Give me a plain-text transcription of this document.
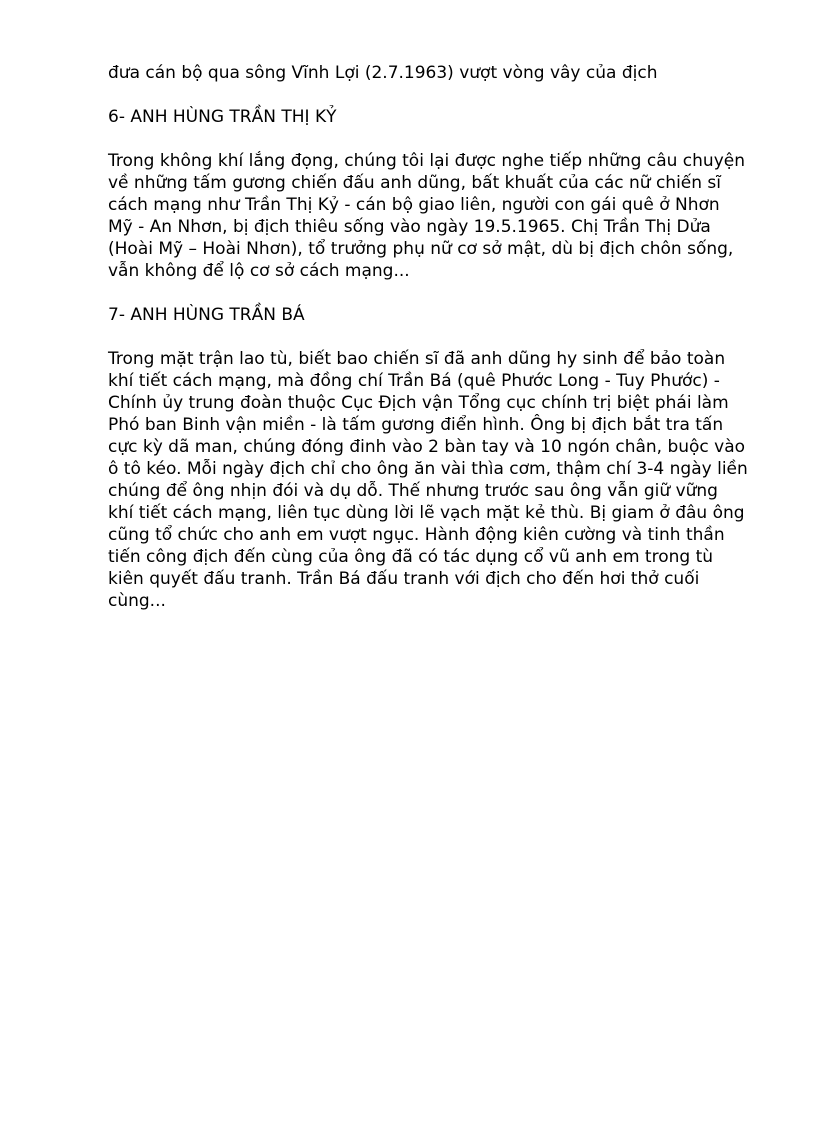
đưa cán bộ qua sông Vĩnh Lợi (2.7.1963) vượt vòng vây của địch

6- ANH HÙNG TRẦN THỊ KỶ

Trong không khí lắng đọng, chúng tôi lại được nghe tiếp những câu chuyện
về những tấm gương chiến đấu anh dũng, bất khuất của các nữ chiến sĩ
cách mạng như Trần Thị Kỷ - cán bộ giao liên, người con gái quê ở Nhơn
Mỹ - An Nhơn, bị địch thiêu sống vào ngày 19.5.1965. Chị Trần Thị Dửa
(Hoài Mỹ – Hoài Nhơn), tổ trưởng phụ nữ cơ sở mật, dù bị địch chôn sống,
vẫn không để lộ cơ sở cách mạng...

7- ANH HÙNG TRẦN BÁ

Trong mặt trận lao tù, biết bao chiến sĩ đã anh dũng hy sinh để bảo toàn
khí tiết cách mạng, mà đồng chí Trần Bá (quê Phước Long - Tuy Phước) -
Chính ủy trung đoàn thuộc Cục Địch vận Tổng cục chính trị biệt phái làm
Phó ban Binh vận miền - là tấm gương điển hình. Ông bị địch bắt tra tấn
cực kỳ dã man, chúng đóng đinh vào 2 bàn tay và 10 ngón chân, buộc vào
ô tô kéo. Mỗi ngày địch chỉ cho ông ăn vài thìa cơm, thậm chí 3-4 ngày liền
chúng để ông nhịn đói và dụ dỗ. Thế nhưng trước sau ông vẫn giữ vững
khí tiết cách mạng, liên tục dùng lời lẽ vạch mặt kẻ thù. Bị giam ở đâu ông
cũng tổ chức cho anh em vượt ngục. Hành động kiên cường và tinh thần
tiến công địch đến cùng của ông đã có tác dụng cổ vũ anh em trong tù
kiên quyết đấu tranh. Trần Bá đấu tranh với địch cho đến hơi thở cuối
cùng...
